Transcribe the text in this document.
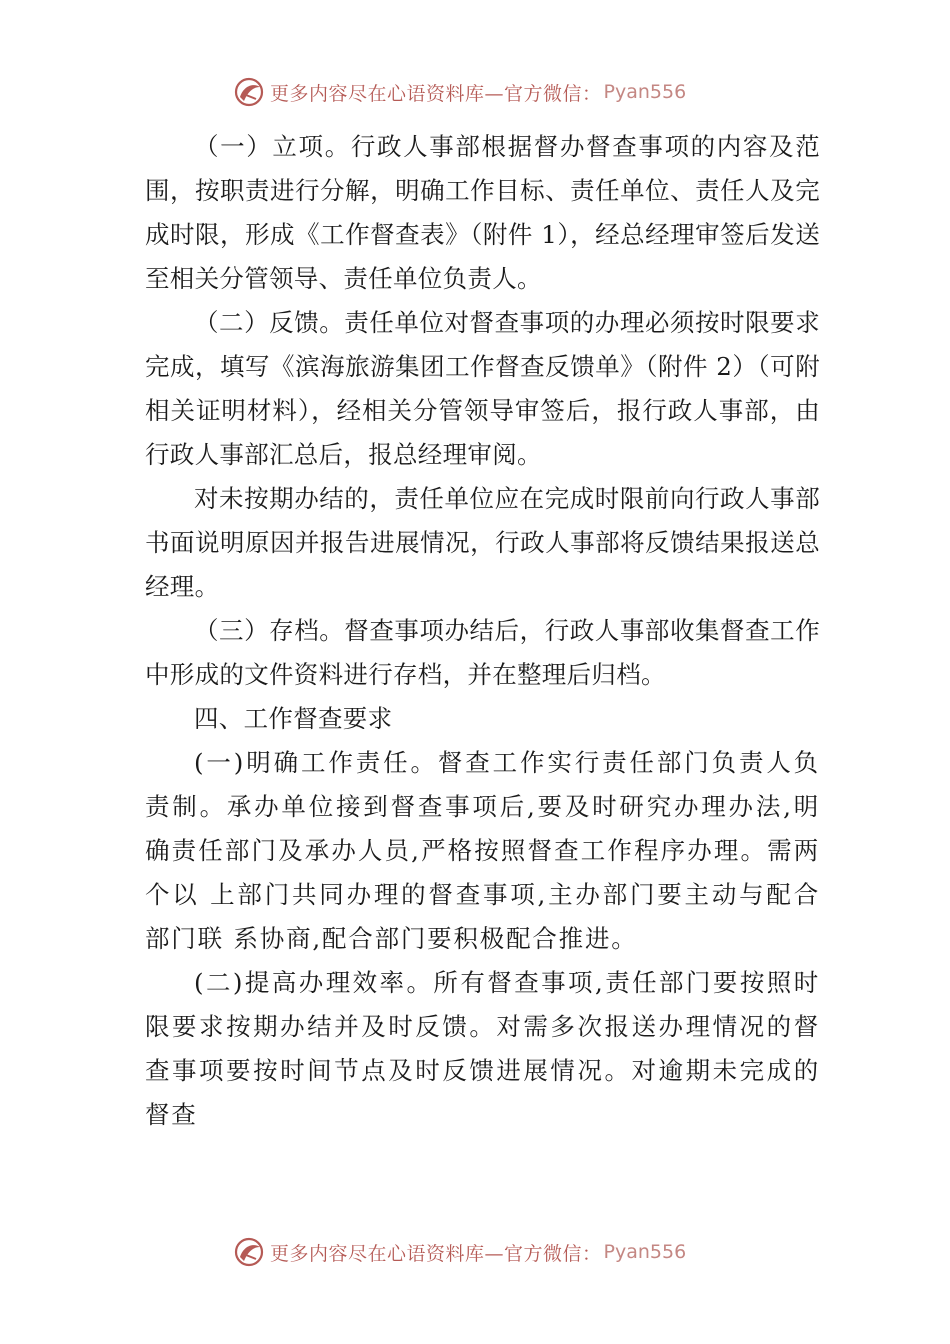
更多内容尽在心语资料库—官方微信： Pyan556

（一）立项。行政人事部根据督办督查事项的内容及范围，按职责进行分解，明确工作目标、责任单位、责任人及完成时限，形成《工作督查表》（附件 1），经总经理审签后发送至相关分管领导、责任单位负责人。

（二）反馈。责任单位对督查事项的办理必须按时限要求完成，填写《滨海旅游集团工作督查反馈单》（附件 2）（可附相关证明材料），经相关分管领导审签后，报行政人事部，由行政人事部汇总后，报总经理审阅。

对未按期办结的，责任单位应在完成时限前向行政人事部书面说明原因并报告进展情况，行政人事部将反馈结果报送总经理。

（三）存档。督查事项办结后，行政人事部收集督查工作中形成的文件资料进行存档，并在整理后归档。

四、工作督查要求

(一)明确工作责任。督查工作实行责任部门负责人负责制。承办单位接到督查事项后,要及时研究办理办法,明确责任部门及承办人员,严格按照督查工作程序办理。需两个以 上部门共同办理的督查事项,主办部门要主动与配合部门联 系协商,配合部门要积极配合推进。

(二)提高办理效率。所有督查事项,责任部门要按照时限要求按期办结并及时反馈。对需多次报送办理情况的督查事项要按时间节点及时反馈进展情况。对逾期未完成的督查

更多内容尽在心语资料库—官方微信： Pyan556
